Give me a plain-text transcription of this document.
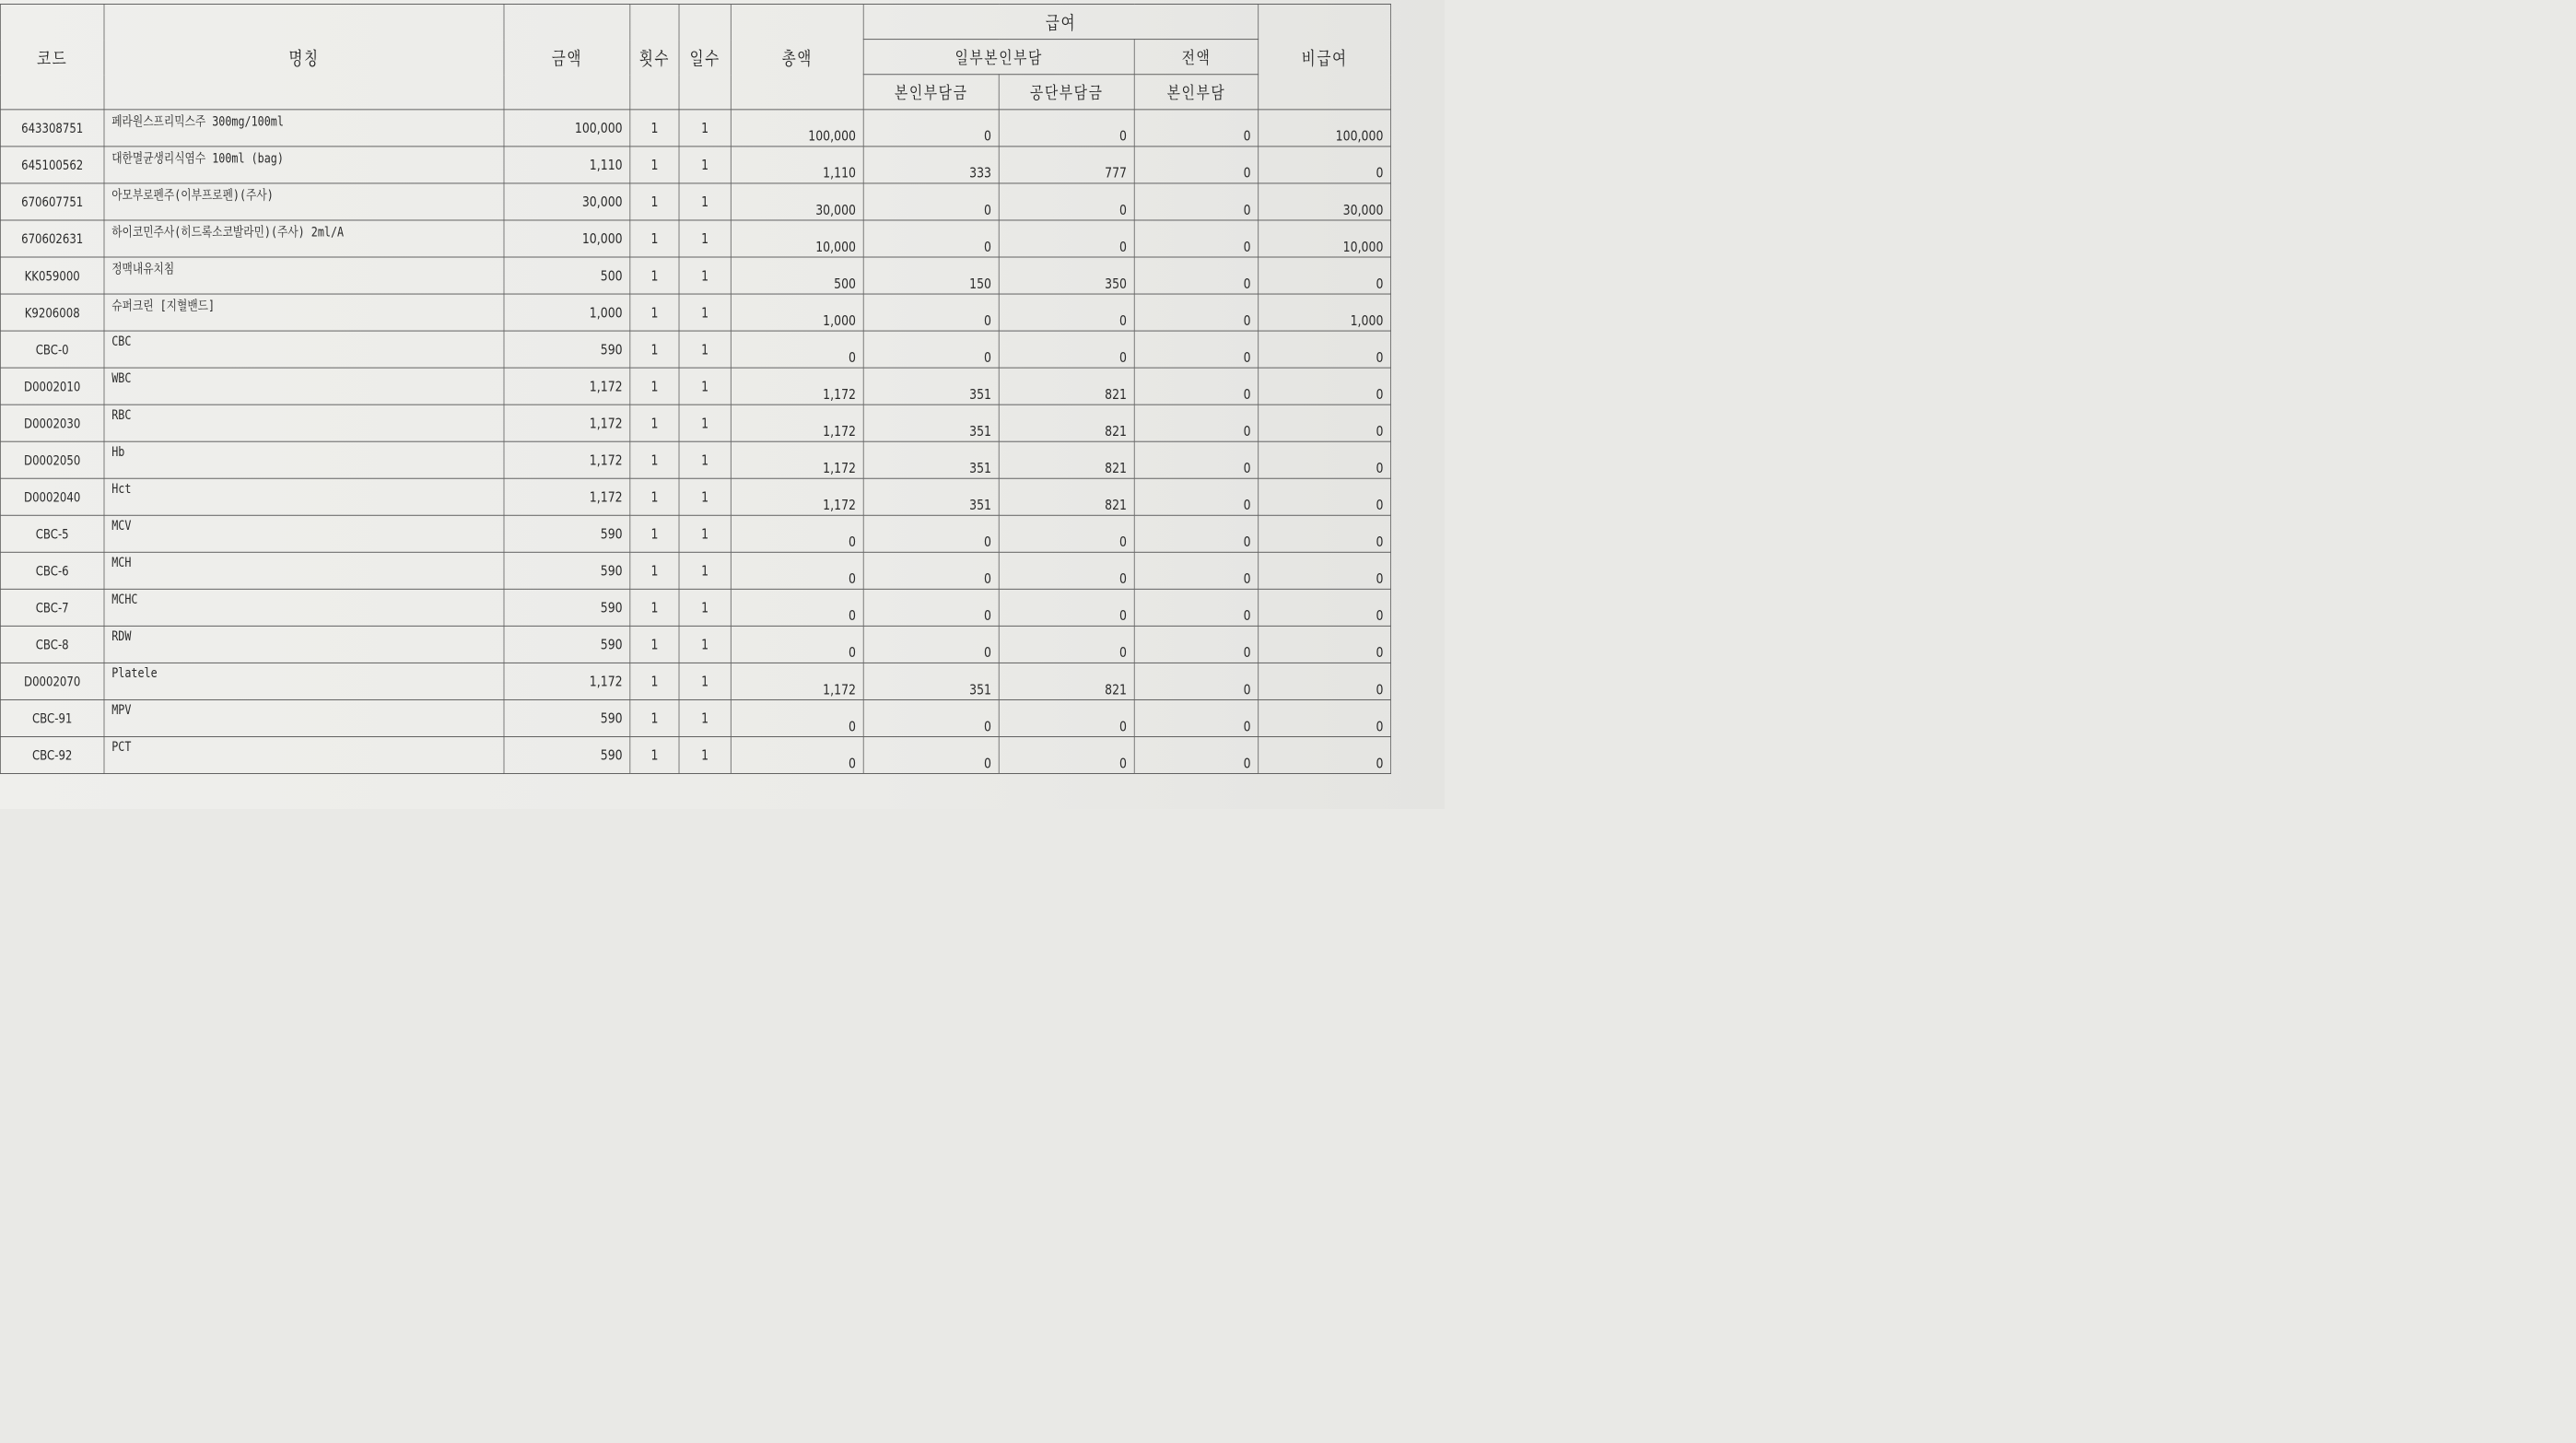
코드	명칭	금액	횟수	일수	총액	급여			비급여
						일부본인부담		전액	
						본인부담금	공단부담금	본인부담	
643308751	페라원스프리믹스주 300mg/100ml	100,000	1	1	100,000	0	0	0	100,000
645100562	대한멸균생리식염수 100ml (bag)	1,110	1	1	1,110	333	777	0	0
670607751	아모부로펜주(이부프로펜)(주사)	30,000	1	1	30,000	0	0	0	30,000
670602631	하이코민주사(히드록소코발라민)(주사) 2ml/A	10,000	1	1	10,000	0	0	0	10,000
KK059000	정맥내유치침	500	1	1	500	150	350	0	0
K9206008	슈퍼크린 [지혈밴드]	1,000	1	1	1,000	0	0	0	1,000
CBC-0	CBC	590	1	1	0	0	0	0	0
D0002010	WBC	1,172	1	1	1,172	351	821	0	0
D0002030	RBC	1,172	1	1	1,172	351	821	0	0
D0002050	Hb	1,172	1	1	1,172	351	821	0	0
D0002040	Hct	1,172	1	1	1,172	351	821	0	0
CBC-5	MCV	590	1	1	0	0	0	0	0
CBC-6	MCH	590	1	1	0	0	0	0	0
CBC-7	MCHC	590	1	1	0	0	0	0	0
CBC-8	RDW	590	1	1	0	0	0	0	0
D0002070	Platele	1,172	1	1	1,172	351	821	0	0
CBC-91	MPV	590	1	1	0	0	0	0	0
CBC-92	PCT	590	1	1	0	0	0	0	0
